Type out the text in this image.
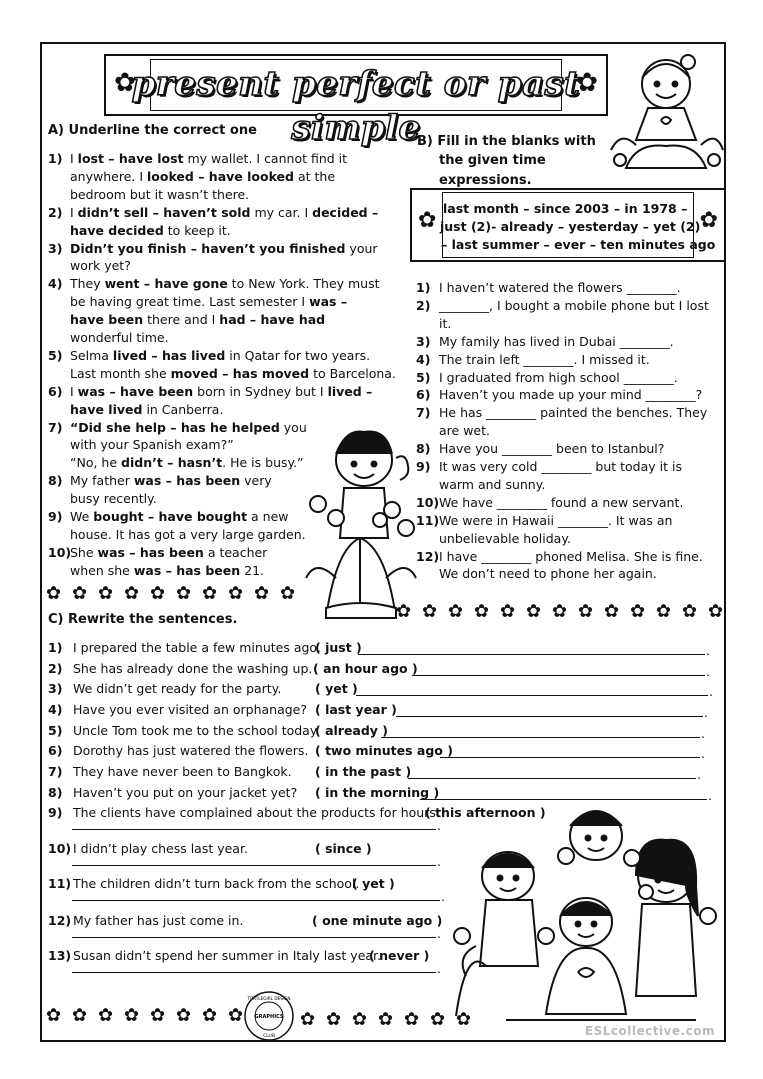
present perfect or past simple
✿	✿
A) Underline the correct one
1) I lost – have lost my wallet. I cannot find it
anywhere. I looked – have looked at the
bedroom but it wasn’t there.
2) I didn’t sell – haven’t sold my car. I decided –
have decided to keep it.
3) Didn’t you finish – haven’t you finished your
work yet?
4) They went – have gone to New York. They must
be having great time. Last semester I was –
have been there and I had – have had
wonderful time.
5) Selma lived – has lived in Qatar for two years.
Last month she moved – has moved to Barcelona.
6) I was – have been born in Sydney but I lived –
have lived in Canberra.
7) “Did she help – has he helped you
with your Spanish exam?”
“No, he didn’t – hasn’t. He is busy.”
8) My father was – has been very
busy recently.
9) We bought – have bought a new
house. It has got a very large garden.
10)
She was – has been a teacher
when she was – has been 21.
✿ ✿ ✿ ✿ ✿ ✿ ✿ ✿ ✿ ✿
B) Fill in the blanks with
the given time
expressions.
✿	✿
last month – since 2003 – in 1978 –
just (2)- already – yesterday – yet (2)
– last summer – ever – ten minutes ago
1) I haven’t watered the flowers ________.
2) ________, I bought a mobile phone but I lost
it.
3) My family has lived in Dubai ________.
4) The train left ________. I missed it.
5) I graduated from high school ________.
6) Haven’t you made up your mind ________?
7) He has ________ painted the benches. They
are wet.
8) Have you ________ been to Istanbul?
9) It was very cold ________ but today it is
warm and sunny.
10) We have ________ found a new servant.
11) We were in Hawaii ________. It was an
unbelievable holiday.
12) I have ________ phoned Melisa. She is fine.
We don’t need to phone her again.
✿ ✿ ✿ ✿ ✿ ✿ ✿ ✿ ✿ ✿ ✿ ✿ ✿
C) Rewrite the sentences.
1) I prepared the table a few minutes ago.
( just )	.
2) She has already done the washing up. ( an hour ago )	.
3) We didn’t get ready for the party.	( yet )	.
4) Have you ever visited an orphanage? ( last year )	.
5) Uncle Tom took me to the school today.
( already )	.
6) Dorothy has just watered the flowers. ( two minutes ago )	.
7) They have never been to Bangkok. ( in the past )	.
8) Haven’t you put on your jacket yet? ( in the morning )	.
9) The clients have complained about the products for hours.
( this afternoon )
.
10) I didn’t play chess last year.	( since )
.
11) The children didn’t turn back from the school.
( yet )
.
12) My father has just come in.	( one minute ago )
.
13) Susan didn’t spend her summer in Italy last year.
( never )
.
✿ ✿ ✿ ✿ ✿ ✿ ✿ ✿	✿ ✿ ✿ ✿ ✿ ✿ ✿
TÜRTLEGIRL DESIGN
GRAPHICS
CLUB	ESLcollective.com
